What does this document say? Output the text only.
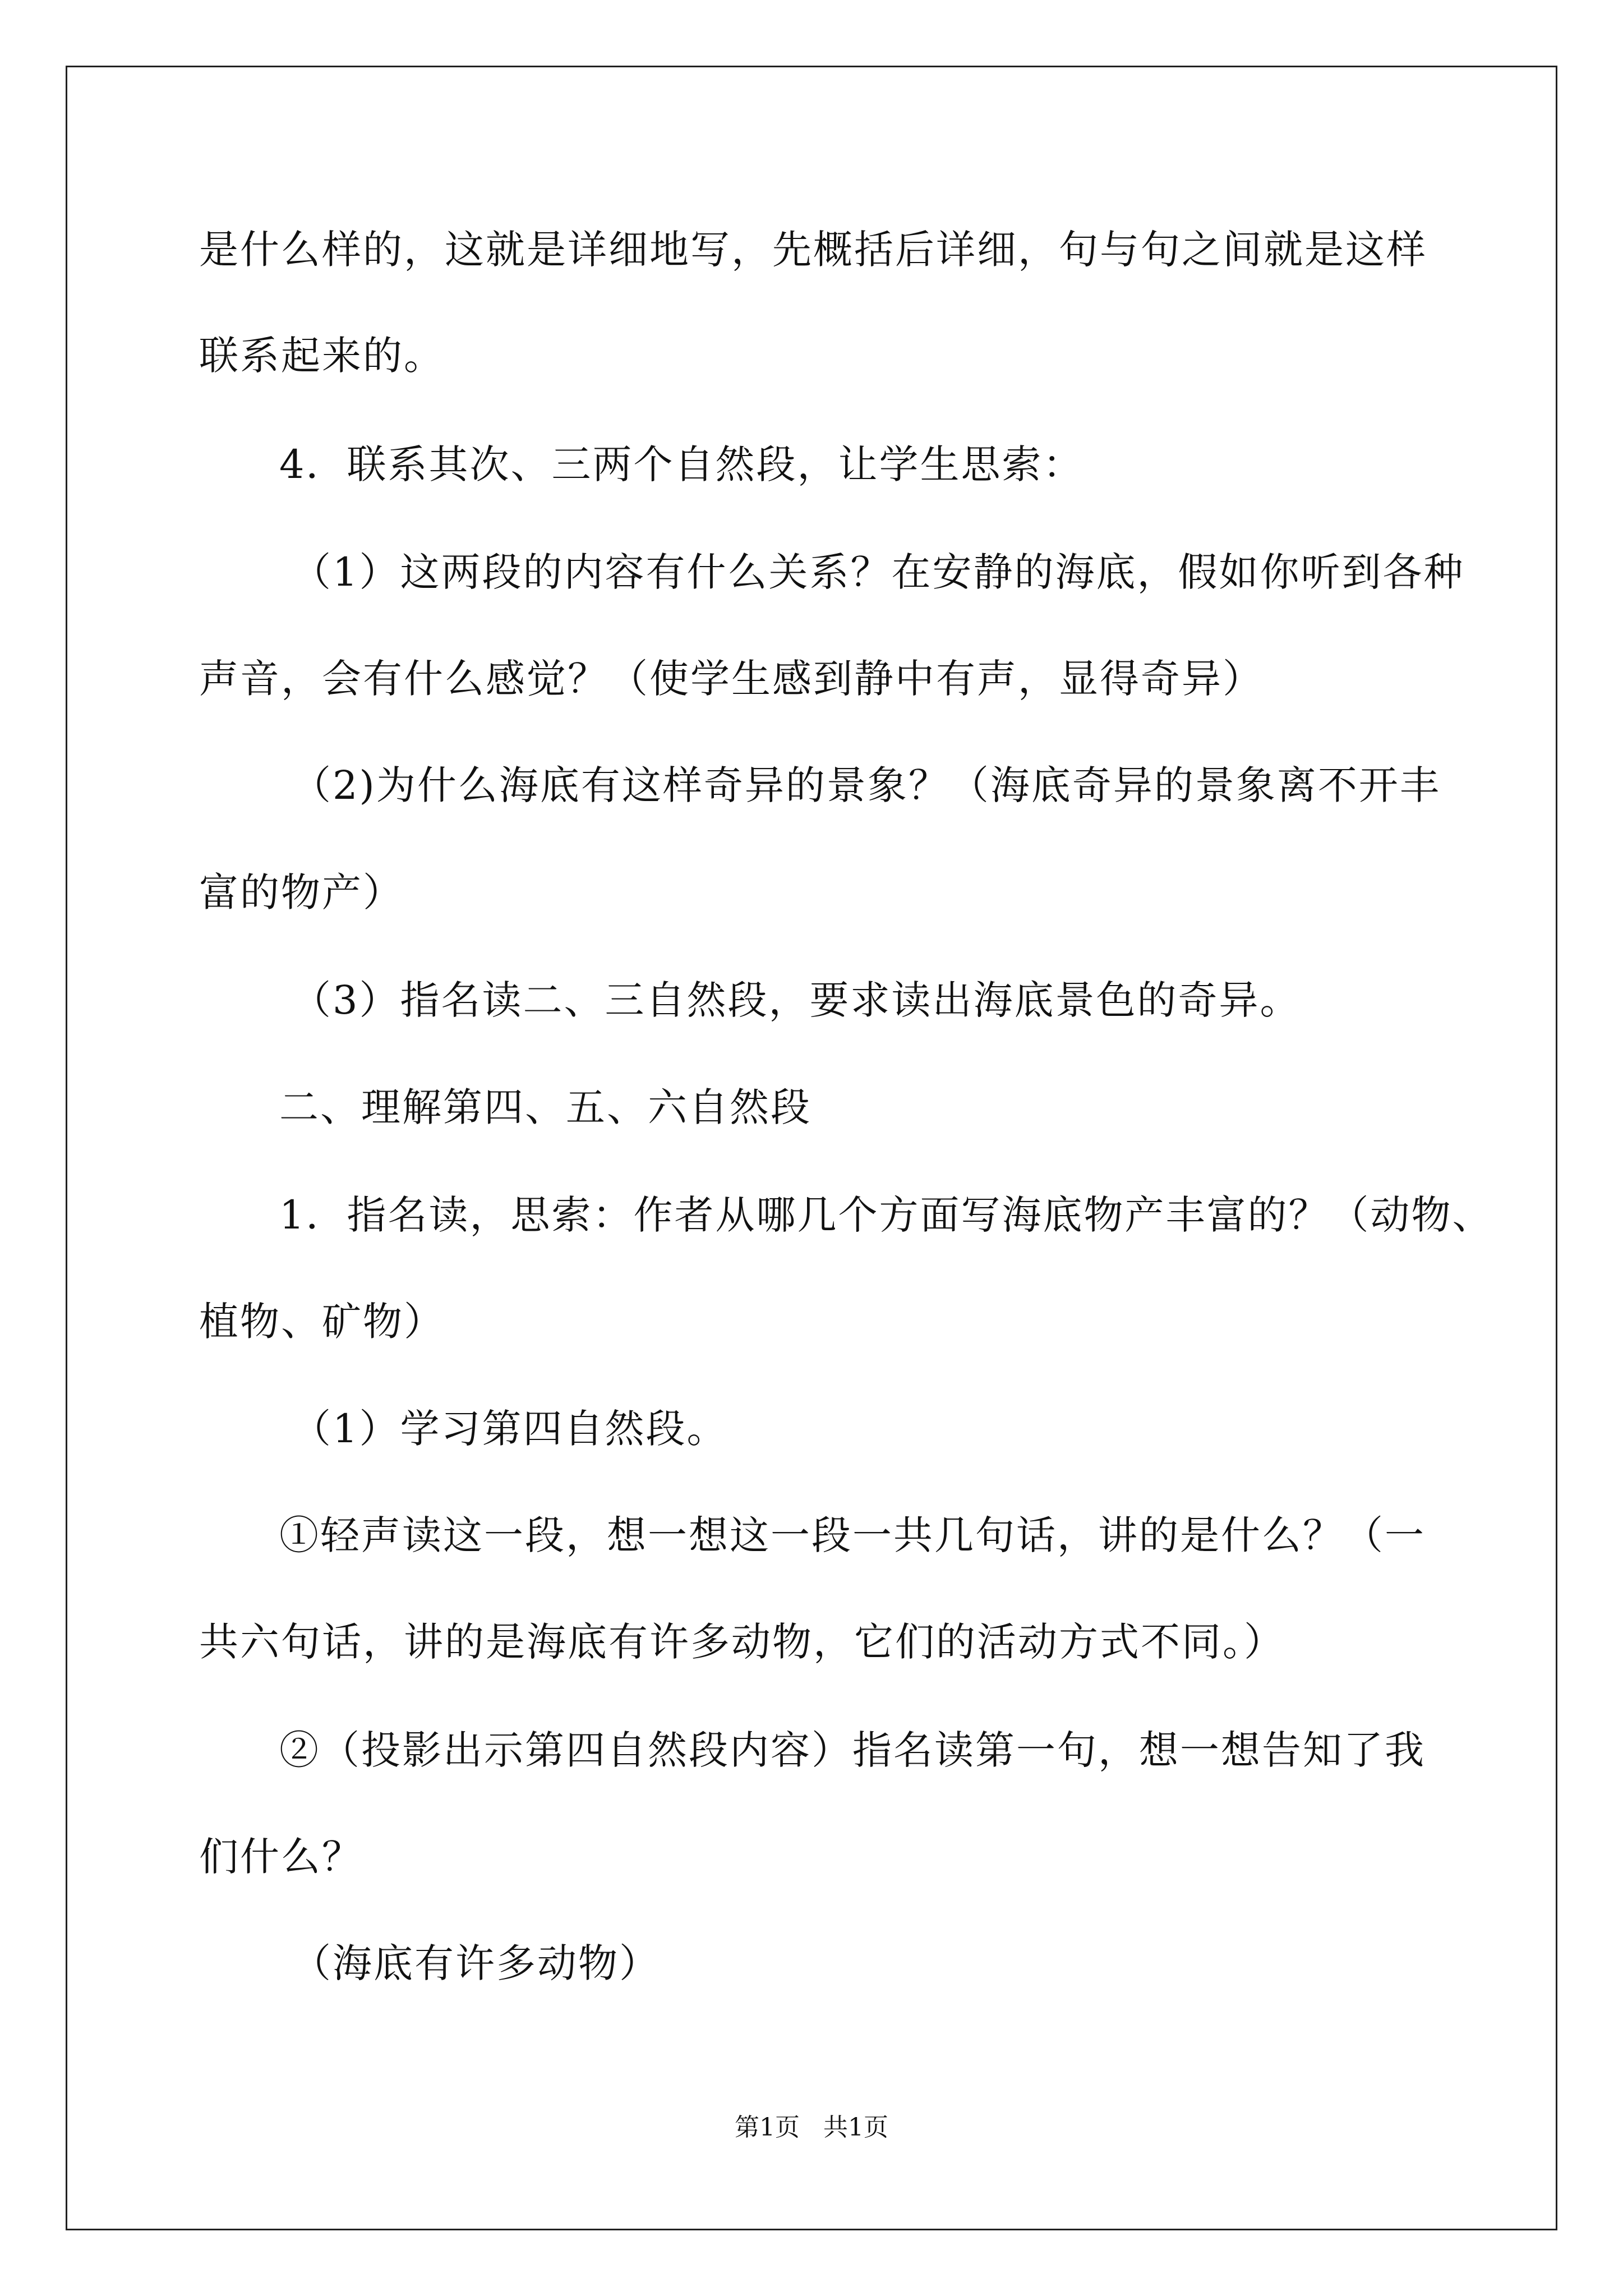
是什么样的，这就是详细地写，先概括后详细，句与句之间就是这样
联系起来的。
4．联系其次、三两个自然段，让学生思索：
（1）这两段的内容有什么关系？在安静的海底，假如你听到各种
声音，会有什么感觉？（使学生感到静中有声，显得奇异）
（2)为什么海底有这样奇异的景象？（海底奇异的景象离不开丰
富的物产）
（3）指名读二、三自然段，要求读出海底景色的奇异。
二、理解第四、五、六自然段
1．指名读，思索：作者从哪几个方面写海底物产丰富的？（动物、
植物、矿物）
（1）学习第四自然段。
①轻声读这一段，想一想这一段一共几句话，讲的是什么？（一
共六句话，讲的是海底有许多动物，它们的活动方式不同。）
②（投影出示第四自然段内容）指名读第一句，想一想告知了我
们什么？
（海底有许多动物）
第1页   共1页
